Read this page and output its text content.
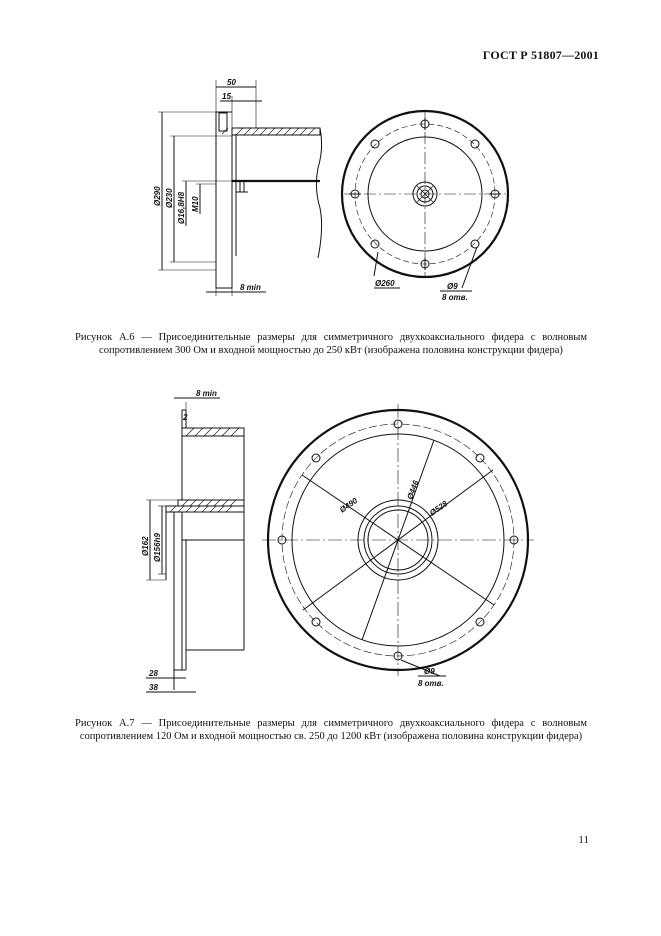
ГОСТ Р 51807—2001
50
15
Ø290 Ø230 Ø16,8H8 M10
8 min	Ø260	Ø9
8 отв.
Рисунок А.6 — Присоединительные размеры для симметричного двухкоаксиального фидера с волновым сопротивлением 300 Ом и входной мощностью до 250 кВт (изображена половина конструкции фидера)
8 min
2
Ø162 Ø156h9
28
38
Ø490
Ø446
Ø528
Ø9
8 отв.
Рисунок А.7 — Присоединительные размеры для симметричного двухкоаксиального фидера с волновым сопротивлением 120 Ом и входной мощностью св. 250 до 1200 кВт (изображена половина конструкции фидера)
11
